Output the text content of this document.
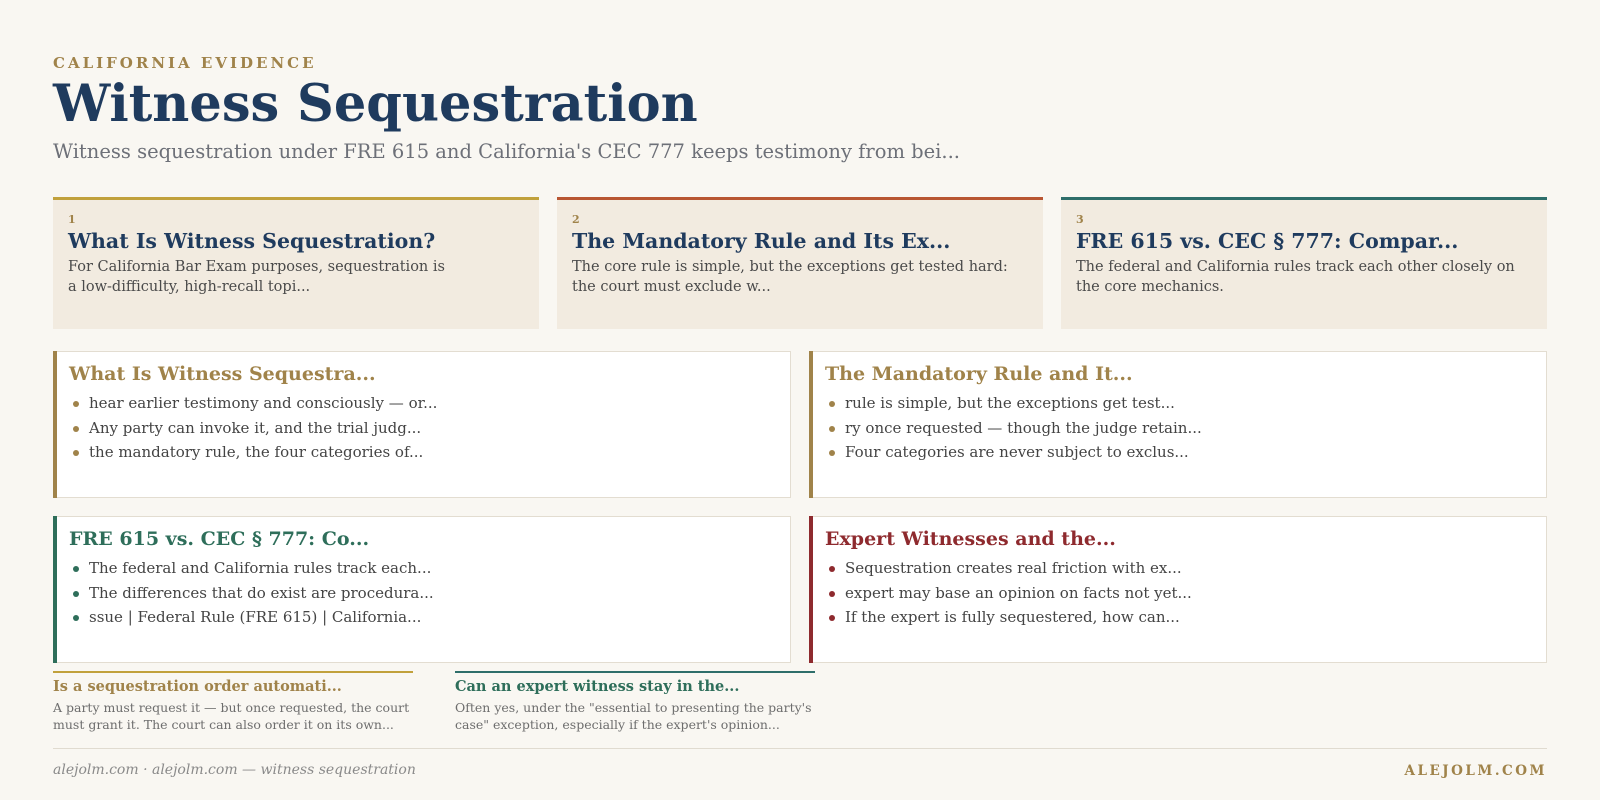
CALIFORNIA EVIDENCE
Witness Sequestration
Witness sequestration under FRE 615 and California's CEC 777 keeps testimony from bei...
1
What Is Witness Sequestration?
For California Bar Exam purposes, sequestration is a low-difficulty, high-recall topi...
2
The Mandatory Rule and Its Ex...
The core rule is simple, but the exceptions get tested hard: the court must exclude w...
3
FRE 615 vs. CEC § 777: Compar...
The federal and California rules track each other closely on the core mechanics.
What Is Witness Sequestra...
hear earlier testimony and consciously — or...
Any party can invoke it, and the trial judg...
the mandatory rule, the four categories of...
The Mandatory Rule and It...
rule is simple, but the exceptions get test...
ry once requested — though the judge retain...
Four categories are never subject to exclus...
FRE 615 vs. CEC § 777: Co...
The federal and California rules track each...
The differences that do exist are procedura...
ssue | Federal Rule (FRE 615) | California...
Expert Witnesses and the...
Sequestration creates real friction with ex...
expert may base an opinion on facts not yet...
If the expert is fully sequestered, how can...
Is a sequestration order automati...
A party must request it — but once requested, the court must grant it. The court can also order it on its own...
Can an expert witness stay in the...
Often yes, under the "essential to presenting the party's case" exception, especially if the expert's opinion...
alejolm.com · alejolm.com — witness sequestration	ALEJOLM.COM
